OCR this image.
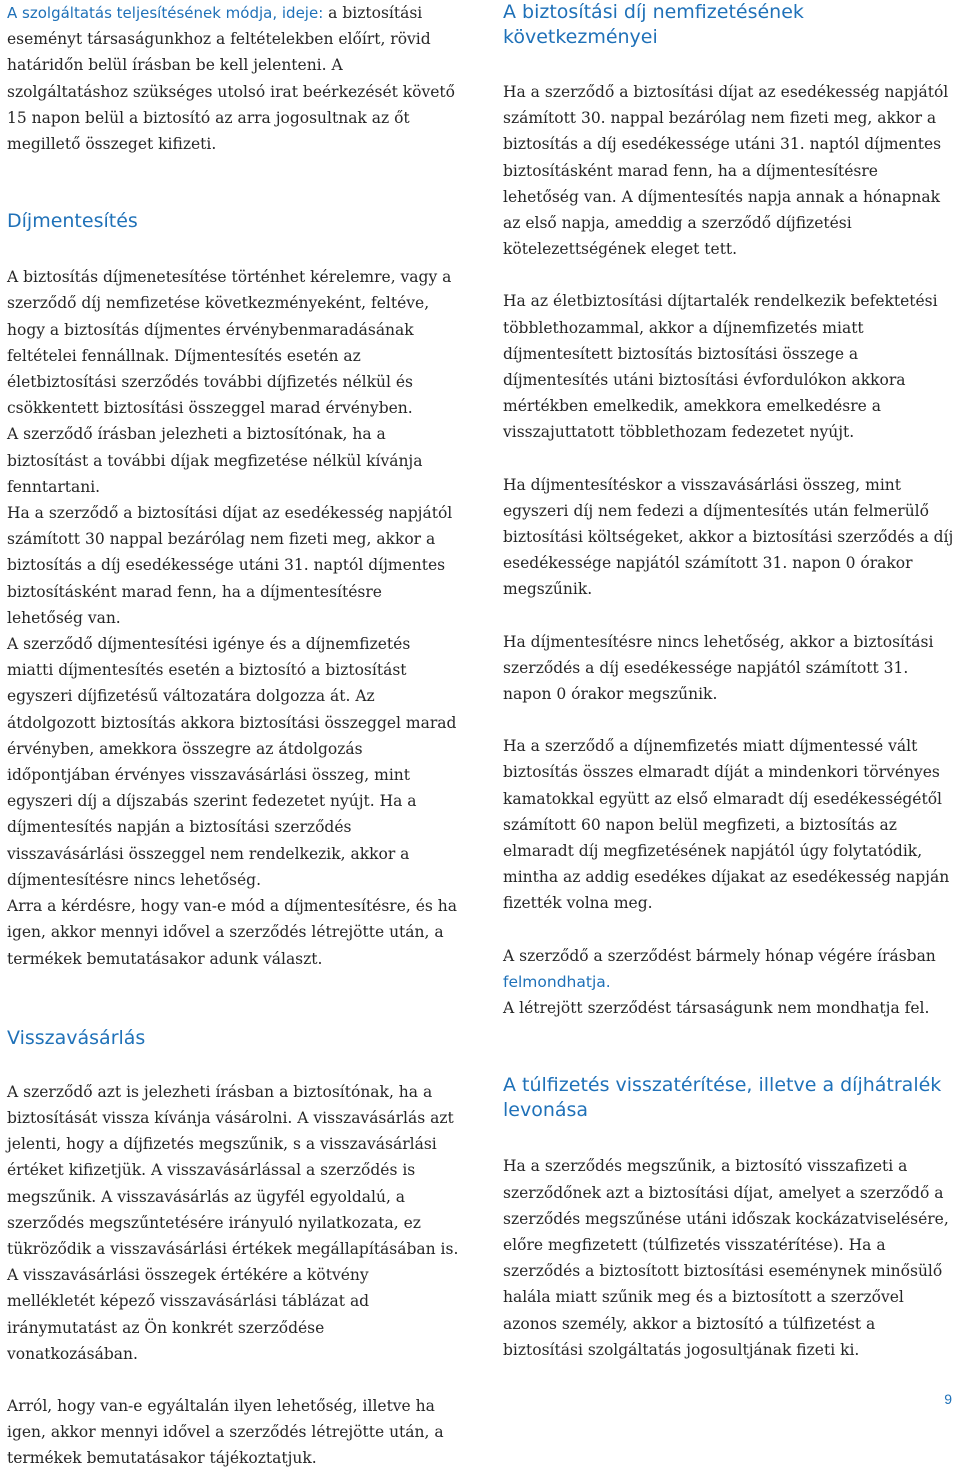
A szolgáltatás teljesítésének módja, ideje: a biztosítási eseményt társaságunkhoz a feltételekben előírt, rövid határidőn belül írásban be kell jelenteni. A szolgáltatáshoz szükséges utolsó irat beérkezését követő 15 napon belül a biztosító az arra jogosultnak az őt megillető összeget kifizeti.

Díjmentesítés

A biztosítás díjmenetesítése történhet kérelemre, vagy a szerződő díj nemfizetése következményeként, feltéve, hogy a biztosítás díjmentes érvénybenmaradásának feltételei fennállnak. Díjmentesítés esetén az életbiztosítási szerződés további díjfizetés nélkül és csökkentett biztosítási összeggel marad érvényben.

A szerződő írásban jelezheti a biztosítónak, ha a biztosítást a további díjak megfizetése nélkül kívánja fenntartani.

Ha a szerződő a biztosítási díjat az esedékesség napjától számított 30 nappal bezárólag nem fizeti meg, akkor a biztosítás a díj esedékessége utáni 31. naptól díjmentes biztosításként marad fenn, ha a díjmentesítésre lehetőség van.

A szerződő díjmentesítési igénye és a díjnemfizetés miatti díjmentesítés esetén a biztosító a biztosítást egyszeri díjfizetésű változatára dolgozza át. Az átdolgozott biztosítás akkora biztosítási összeggel marad érvényben, amekkora összegre az átdolgozás időpontjában érvényes visszavásárlási összeg, mint egyszeri díj a díjszabás szerint fedezetet nyújt. Ha a díjmentesítés napján a biztosítási szerződés visszavásárlási összeggel nem rendelkezik, akkor a díjmentesítésre nincs lehetőség.

Arra a kérdésre, hogy van-e mód a díjmentesítésre, és ha igen, akkor mennyi idővel a szerződés létrejötte után, a termékek bemutatásakor adunk választ.

Visszavásárlás

A szerződő azt is jelezheti írásban a biztosítónak, ha a biztosítását vissza kívánja vásárolni. A visszavásárlás azt jelenti, hogy a díjfizetés megszűnik, s a visszavásárlási értéket kifizetjük. A visszavásárlással a szerződés is megszűnik. A visszavásárlás az ügyfél egyoldalú, a szerződés megszűntetésére irányuló nyilatkozata, ez tükröződik a visszavásárlási értékek megállapításában is.

A visszavásárlási összegek értékére a kötvény mellékletét képező visszavásárlási táblázat ad iránymutatást az Ön konkrét szerződése vonatkozásában.

Arról, hogy van-e egyáltalán ilyen lehetőség, illetve ha igen, akkor mennyi idővel a szerződés létrejötte után, a termékek bemutatásakor tájékoztatjuk.

A biztosítási díj nemfizetésének következményei

Ha a szerződő a biztosítási díjat az esedékesség napjától számított 30. nappal bezárólag nem fizeti meg, akkor a biztosítás a díj esedékessége utáni 31. naptól díjmentes biztosításként marad fenn, ha a díjmentesítésre lehetőség van. A díjmentesítés napja annak a hónapnak az első napja, ameddig a szerződő díjfizetési kötelezettségének eleget tett.

Ha az életbiztosítási díjtartalék rendelkezik befektetési többlethozammal, akkor a díjnemfizetés miatt díjmentesített biztosítás biztosítási összege a díjmentesítés utáni biztosítási évfordulókon akkora mértékben emelkedik, amekkora emelkedésre a visszajuttatott többlethozam fedezetet nyújt.

Ha díjmentesítéskor a visszavásárlási összeg, mint egyszeri díj nem fedezi a díjmentesítés után felmerülő biztosítási költségeket, akkor a biztosítási szerződés a díj esedékessége napjától számított 31. napon 0 órakor megszűnik.

Ha díjmentesítésre nincs lehetőség, akkor a biztosítási szerződés a díj esedékessége napjától számított 31. napon 0 órakor megszűnik.

Ha a szerződő a díjnemfizetés miatt díjmentessé vált biztosítás összes elmaradt díját a mindenkori törvényes kamatokkal együtt az első elmaradt díj esedékességétől számított 60 napon belül megfizeti, a biztosítás az elmaradt díj megfizetésének napjától úgy folytatódik, mintha az addig esedékes díjakat az esedékesség napján fizették volna meg.

A szerződő a szerződést bármely hónap végére írásban felmondhatja.

A létrejött szerződést társaságunk nem mondhatja fel.

A túlfizetés visszatérítése, illetve a díjhátralék levonása

Ha a szerződés megszűnik, a biztosító visszafizeti a szerződőnek azt a biztosítási díjat, amelyet a szerződő a szerződés megszűnése utáni időszak kockázatviselésére, előre megfizetett (túlfizetés visszatérítése). Ha a szerződés a biztosított biztosítási eseménynek minősülő halála miatt szűnik meg és a biztosított a szerzővel azonos személy, akkor a biztosító a túlfizetést a biztosítási szolgáltatás jogosultjának fizeti ki.

9
